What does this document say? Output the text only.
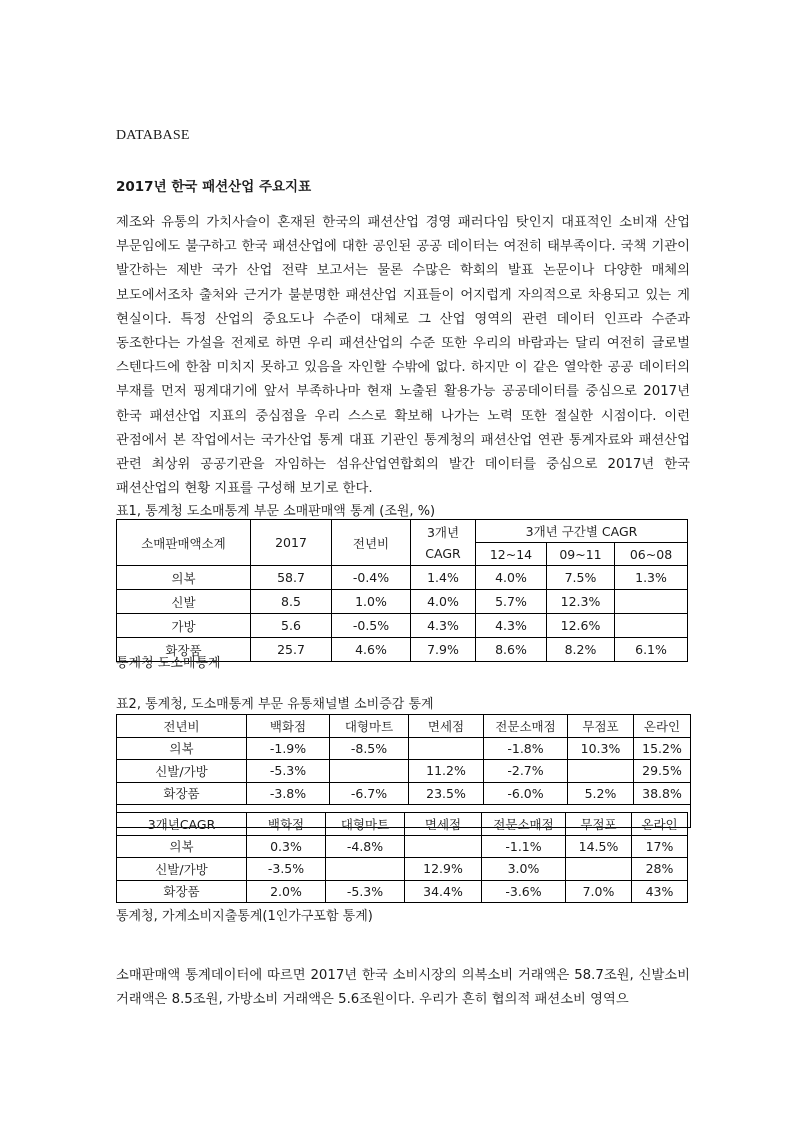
DATABASE
2017년 한국 패션산업 주요지표
제조와 유통의 가치사슬이 혼재된 한국의 패션산업 경영 패러다임 탓인지 대표적인 소비재 산업 부문임에도 불구하고 한국 패션산업에 대한 공인된 공공 데이터는 여전히 태부족이다. 국책 기관이 발간하는 제반 국가 산업 전략 보고서는 물론 수많은 학회의 발표 논문이나 다양한 매체의 보도에서조차 출처와 근거가 불분명한 패션산업 지표들이 어지럽게 자의적으로 차용되고 있는 게 현실이다. 특정 산업의 중요도나 수준이 대체로 그 산업 영역의 관련 데이터 인프라 수준과 동조한다는 가설을 전제로 하면 우리 패션산업의 수준 또한 우리의 바람과는 달리 여전히 글로벌 스텐다드에 한참 미치지 못하고 있음을 자인할 수밖에 없다. 하지만 이 같은 열악한 공공 데이터의 부재를 먼저 핑계대기에 앞서 부족하나마 현재 노출된 활용가능 공공데이터를 중심으로 2017년 한국 패션산업 지표의 중심점을 우리 스스로 확보해 나가는 노력 또한 절실한 시점이다. 이런 관점에서 본 작업에서는 국가산업 통계 대표 기관인 통계청의 패션산업 연관 통계자료와 패션산업 관련 최상위 공공기관을 자임하는 섬유산업연합회의 발간 데이터를 중심으로 2017년 한국 패션산업의 현황 지표를 구성해 보기로 한다.
표1, 통계청 도소매통계 부문 소매판매액 통계 (조원, %)
소매판매액소계	2017	전년비	3개년
CAGR	3개년 구간별 CAGR		
				12~14	09~11	06~08
의복	58.7	-0.4%	1.4%	4.0%	7.5%	1.3%
신발	8.5	1.0%	4.0%	5.7%	12.3%	
가방	5.6	-0.5%	4.3%	4.3%	12.6%	
화장품	25.7	4.6%	7.9%	8.6%	8.2%	6.1%
통계청 도소매통계
표2, 통계청, 도소매통계 부문 유통채널별 소비증감 통계
전년비	백화점	대형마트	면세점	전문소매점	무점포	온라인
의복	-1.9%	-8.5%		-1.8%	10.3%	15.2%
신발/가방	-5.3%		11.2%	-2.7%		29.5%
화장품	-3.8%	-6.7%	23.5%	-6.0%	5.2%	38.8%

3개년CAGR	백화점	대형마트	면세점	전문소매점	무점포	온라인
의복	0.3%	-4.8%		-1.1%	14.5%	17%
신발/가방	-3.5%		12.9%	3.0%		28%
화장품	2.0%	-5.3%	34.4%	-3.6%	7.0%	43%
통계청, 가계소비지출통계(1인가구포함 통계)
소매판매액 통계데이터에 따르면 2017년 한국 소비시장의 의복소비 거래액은 58.7조원, 신발소비 거래액은 8.5조원, 가방소비 거래액은 5.6조원이다. 우리가 흔히 협의적 패션소비 영역으
